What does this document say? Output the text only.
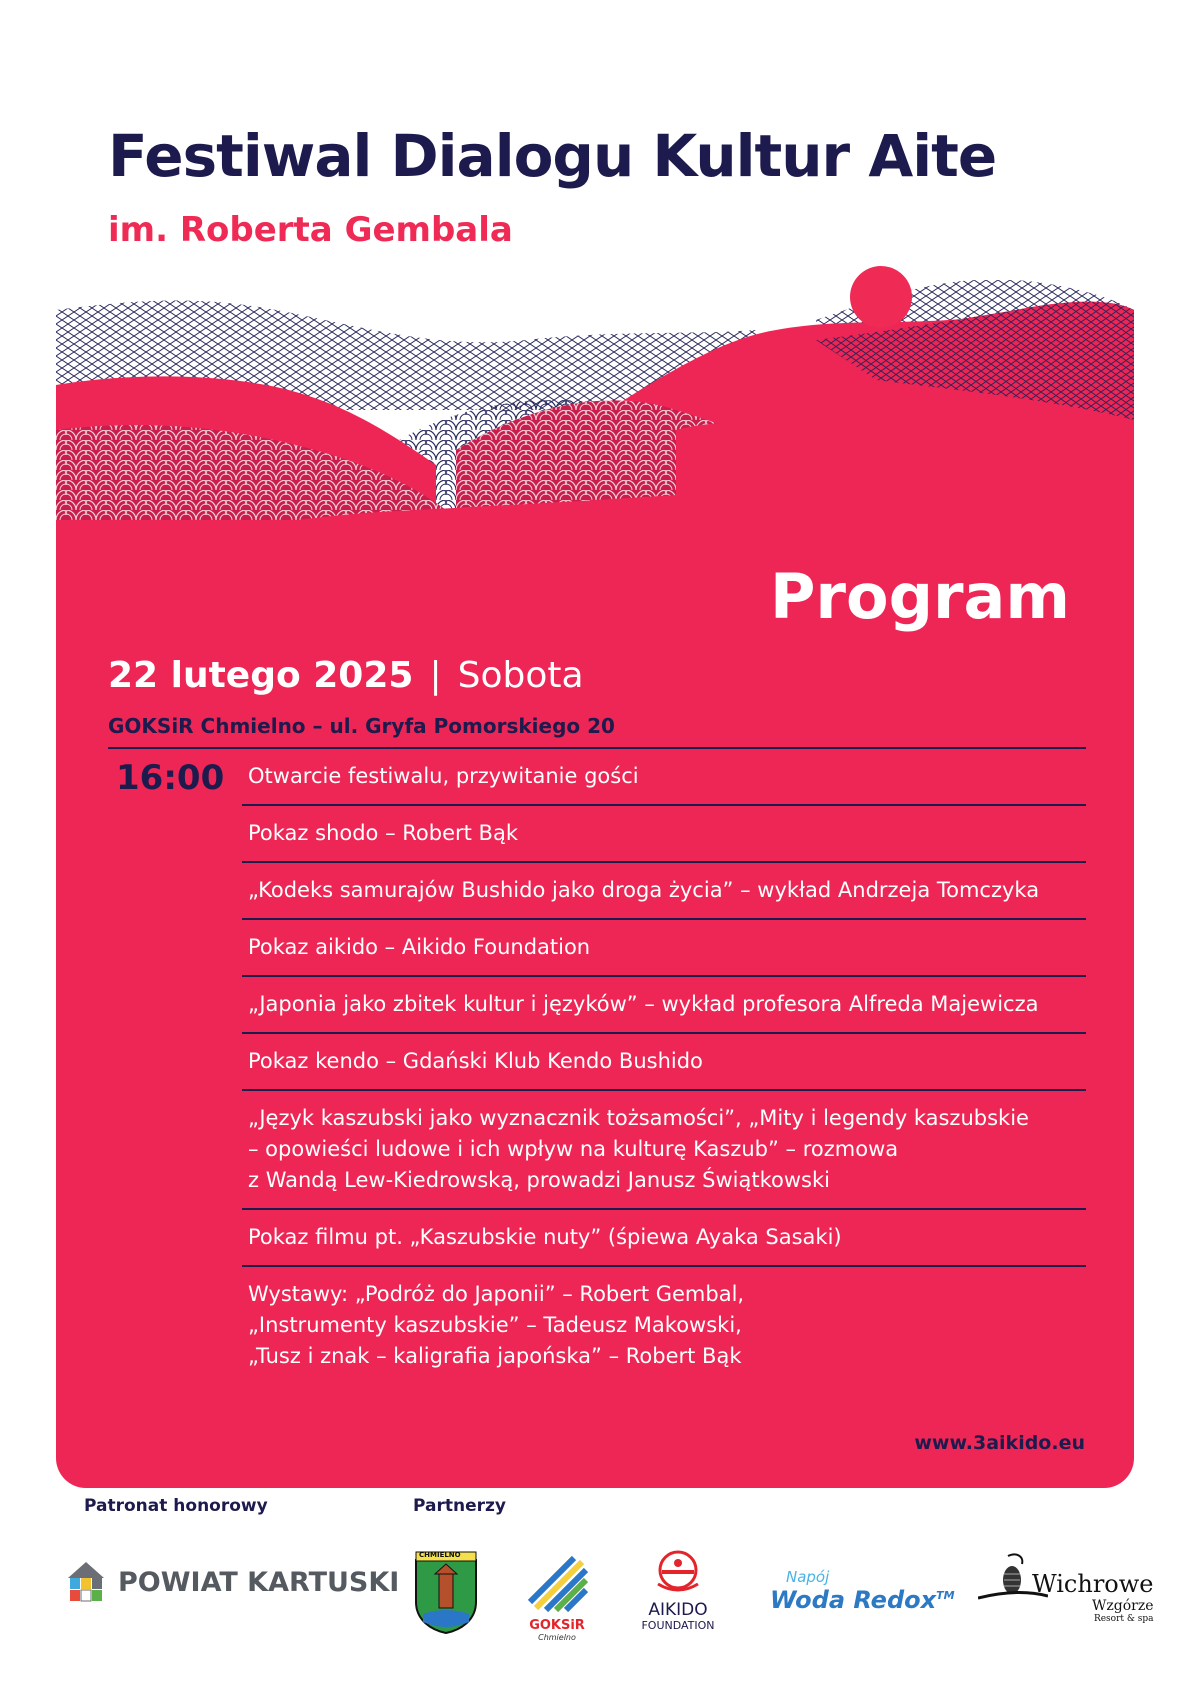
Festiwal Dialogu Kultur Aite
im. Roberta Gembala
Program
22 lutego 2025 | Sobota
GOKSiR Chmielno – ul. Gryfa Pomorskiego 20
16:00 Otwarcie festiwalu, przywitanie gości
Pokaz shodo – Robert Bąk
„Kodeks samurajów Bushido jako droga życia” – wykład Andrzeja Tomczyka
Pokaz aikido – Aikido Foundation
„Japonia jako zbitek kultur i języków” – wykład profesora Alfreda Majewicza
Pokaz kendo – Gdański Klub Kendo Bushido
„Język kaszubski jako wyznacznik tożsamości”, „Mity i legendy kaszubskie
– opowieści ludowe i ich wpływ na kulturę Kaszub” – rozmowa
z Wandą Lew-Kiedrowską, prowadzi Janusz Świątkowski
Pokaz filmu pt. „Kaszubskie nuty” (śpiewa Ayaka Sasaki)
Wystawy: „Podróż do Japonii” – Robert Gembal,
„Instrumenty kaszubskie” – Tadeusz Makowski,
„Tusz i znak – kaligrafia japońska” – Robert Bąk
www.3aikido.eu
Patronat honorowy	Partnerzy
POWIAT KARTUSKI
CHMIELNO
GOKSiR
Chmielno
AIKIDO
FOUNDATION
Napój
Woda Redox™	Wichrowe
Wzgórze
Resort & spa
